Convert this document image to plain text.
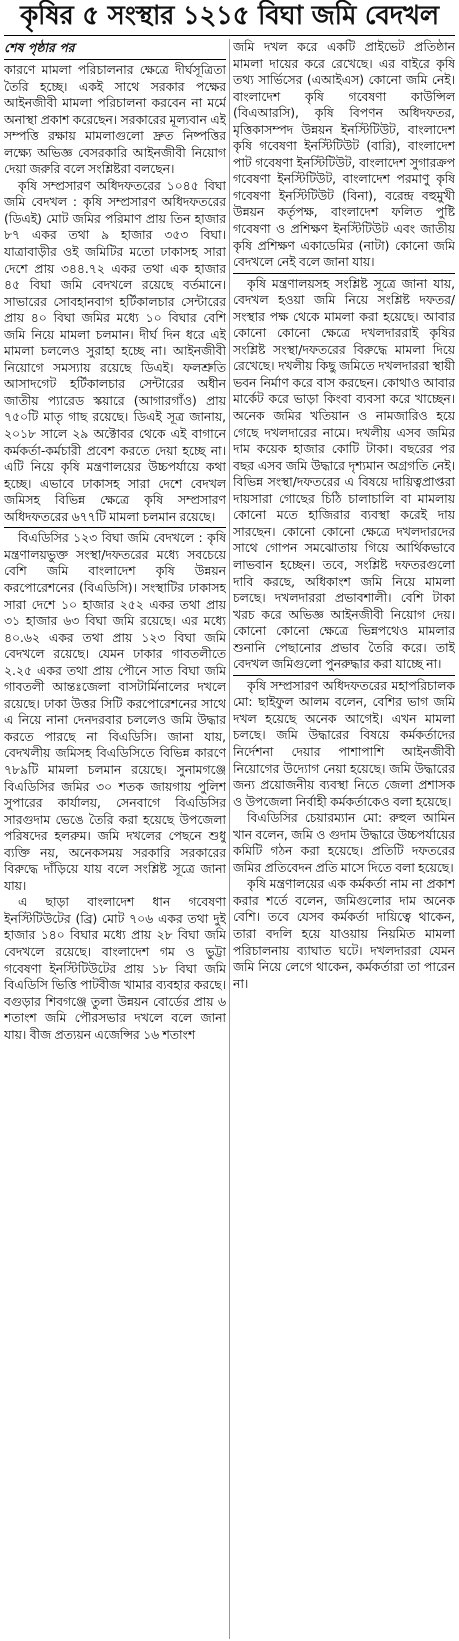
কৃষির ৫ সংস্থার ১২১৫ বিঘা জমি বেদখল
শেষ পৃষ্ঠার পর

কারণে মামলা পরিচালনার ক্ষেত্রে দীর্ঘসূত্রিতা তৈরি হচ্ছে। একই সাথে সরকার পক্ষের আইনজীবী মামলা পরিচালনা করবেন না মর্মে অনাস্থা প্রকাশ করেছেন। সরকারের মূল্যবান এই সম্পত্তি রক্ষায় মামলাগুলো দ্রুত নিষ্পত্তির লক্ষ্যে অভিজ্ঞ বেসরকারি আইনজীবী নিয়োগ দেয়া জরুরি বলে সংশ্লিষ্টরা বলছেন।

কৃষি সম্প্রসারণ অধিদফতরের ১০৪৫ বিঘা জমি বেদখল : কৃষি সম্প্রসারণ অধিদফতরের (ডিএই) মোট জমির পরিমাণ প্রায় তিন হাজার ৮৭ একর তথা ৯ হাজার ৩৫৩ বিঘা। যাত্রাবাড়ীর ওই জমিটির মতো ঢাকাসহ সারা দেশে প্রায় ৩৪৪.৭২ একর তথা এক হাজার ৪৫ বিঘা জমি বেদখলে রয়েছে বর্তমানে। সাভারের সোবহানবাগ হর্টিকালচার সেন্টারের প্রায় ৪০ বিঘা জমির মধ্যে ১০ বিঘার বেশি জমি নিয়ে মামলা চলমান। দীর্ঘ দিন ধরে এই মামলা চললেও সুরাহা হচ্ছে না। আইনজীবী নিয়োগে সমস্যায় রয়েছে ডিএই। ফলশ্রুতি আসাদগেট হর্টিকালচার সেন্টারের অধীন জাতীয় প্যারেড স্কয়ারে (আগারগাঁও) প্রায় ৭৫০টি মাতৃ গাছ রয়েছে। ডিএই সূত্র জানায়, ২০১৮ সালে ২৯ অক্টোবর থেকে এই বাগানে কর্মকর্তা-কর্মচারী প্রবেশ করতে দেয়া হচ্ছে না। এটি নিয়ে কৃষি মন্ত্রণালয়ের উচ্চপর্যায়ে কথা হচ্ছে। এভাবে ঢাকাসহ সারা দেশে বেদখল জমিসহ বিভিন্ন ক্ষেত্রে কৃষি সম্প্রসারণ অধিদফতরের ৬৭৭টি মামলা চলমান রয়েছে।

বিএডিসির ১২৩ বিঘা জমি বেদখলে : কৃষি মন্ত্রণালয়ভুক্ত সংস্থা/দফতরের মধ্যে সবচেয়ে বেশি জমি বাংলাদেশ কৃষি উন্নয়ন করপোরেশনের (বিএডিসি)। সংস্থাটির ঢাকাসহ সারা দেশে ১০ হাজার ২৫২ একর তথা প্রায় ৩১ হাজার ৬৩ বিঘা জমি রয়েছে। এর মধ্যে ৪০.৬২ একর তথা প্রায় ১২৩ বিঘা জমি বেদখলে রয়েছে। যেমন ঢাকার গাবতলীতে ২.২৫ একর তথা প্রায় পৌনে সাত বিঘা জমি গাবতলী আন্তঃজেলা বাসটার্মিনালের দখলে রয়েছে। ঢাকা উত্তর সিটি করপোরেশনের সাথে এ নিয়ে নানা দেনদরবার চললেও জমি উদ্ধার করতে পারছে না বিএডিসি। জানা যায়, বেদখলীয় জমিসহ বিএডিসিতে বিভিন্ন কারণে ৭৮৯টি মামলা চলমান রয়েছে। সুনামগঞ্জে বিএডিসির জমির ৩০ শতক জায়গায় পুলিশ সুপারের কার্যালয়, সেনবাগে বিএডিসির সারগুদাম ভেঙে তৈরি করা হয়েছে উপজেলা পরিষদের হলরুম। জমি দখলের পেছনে শুধু ব্যক্তি নয়, অনেকসময় সরকারি সরকারের বিরুদ্ধে দাঁড়িয়ে যায় বলে সংশ্লিষ্ট সূত্রে জানা যায়।

এ ছাড়া বাংলাদেশ ধান গবেষণা ইনস্টিটিউটের (ব্রি) মোট ৭০৬ একর তথা দুই হাজার ১৪০ বিঘার মধ্যে প্রায় ২৮ বিঘা জমি বেদখলে রয়েছে। বাংলাদেশ গম ও ভুট্টা গবেষণা ইনস্টিটিউটের প্রায় ১৮ বিঘা জমি বিএডিসি ভিত্তি পাটবীজ খামার ব্যবহার করছে। বগুড়ার শিবগঞ্জে তুলা উন্নয়ন বোর্ডের প্রায় ৬ শতাংশ জমি পৌরসভার দখলে বলে জানা যায়। বীজ প্রত্যয়ন এজেন্সির ১৬ শতাংশ

জমি দখল করে একটি প্রাইভেট প্রতিষ্ঠান মামলা দায়ের করে রেখেছে। এর বাইরে কৃষি তথ্য সার্ভিসের (এআইএস) কোনো জমি নেই। বাংলাদেশ কৃষি গবেষণা কাউন্সিল (বিএআরসি), কৃষি বিপণন অধিদফতর, মৃত্তিকাসম্পদ উন্নয়ন ইনস্টিটিউট, বাংলাদেশ কৃষি গবেষণা ইনস্টিটিউট (বারি), বাংলাদেশ পাট গবেষণা ইনস্টিটিউট, বাংলাদেশ সুগারক্রপ গবেষণা ইনস্টিটিউট, বাংলাদেশ পরমাণু কৃষি গবেষণা ইনস্টিটিউট (বিনা), বরেন্দ্র বহুমুখী উন্নয়ন কর্তৃপক্ষ, বাংলাদেশ ফলিত পুষ্টি গবেষণা ও প্রশিক্ষণ ইনস্টিটিউট এবং জাতীয় কৃষি প্রশিক্ষণ একাডেমির (নাটা) কোনো জমি বেদখলে নেই বলে জানা যায়।

কৃষি মন্ত্রণালয়সহ সংশ্লিষ্ট সূত্রে জানা যায়, বেদখল হওয়া জমি নিয়ে সংশ্লিষ্ট দফতর/সংস্থার পক্ষ থেকে মামলা করা হয়েছে। আবার কোনো কোনো ক্ষেত্রে দখলদাররাই কৃষির সংশ্লিষ্ট সংস্থা/দফতরের বিরুদ্ধে মামলা দিয়ে রেখেছে। দখলীয় কিছু জমিতে দখলদাররা স্থায়ী ভবন নির্মাণ করে বাস করছেন। কোথাও আবার মার্কেট করে ভাড়া কিংবা ব্যবসা করে খাচ্ছেন। অনেক জমির খতিয়ান ও নামজারিও হয়ে গেছে দখলদারের নামে। দখলীয় এসব জমির দাম কয়েক হাজার কোটি টাকা। বছরের পর বছর এসব জমি উদ্ধারে দৃশ্যমান অগ্রগতি নেই। বিভিন্ন সংস্থা/দফতরের এ বিষয়ে দায়িত্বপ্রাপ্তরা দায়সারা গোছের চিঠি চালাচালি বা মামলায় কোনো মতে হাজিরার ব্যবস্থা করেই দায় সারছেন। কোনো কোনো ক্ষেত্রে দখলদারদের সাথে গোপন সমঝোতায় গিয়ে আর্থিকভাবে লাভবান হচ্ছেন। তবে, সংশ্লিষ্ট দফতরগুলো দাবি করছে, অধিকাংশ জমি নিয়ে মামলা চলছে। দখলদাররা প্রভাবশালী। বেশি টাকা খরচ করে অভিজ্ঞ আইনজীবী নিয়োগ দেয়। কোনো কোনো ক্ষেত্রে ভিন্নপথেও মামলার শুনানি পেছানোর প্রভাব তৈরি করে। তাই বেদখল জমিগুলো পুনরুদ্ধার করা যাচ্ছে না।

কৃষি সম্প্রসারণ অধিদফতরের মহাপরিচালক মো: ছাইফুল আলম বলেন, বেশির ভাগ জমি দখল হয়েছে অনেক আগেই। এখন মামলা চলছে। জমি উদ্ধারের বিষয়ে কর্মকর্তাদের নির্দেশনা দেয়ার পাশাপাশি আইনজীবী নিয়োগের উদ্যোগ নেয়া হয়েছে। জমি উদ্ধারের জন্য প্রয়োজনীয় ব্যবস্থা নিতে জেলা প্রশাসক ও উপজেলা নির্বাহী কর্মকর্তাকেও বলা হয়েছে।

বিএডিসির চেয়ারম্যান মো: রুহুল আমিন খান বলেন, জমি ও গুদাম উদ্ধারে উচ্চপর্যায়ের কমিটি গঠন করা হয়েছে। প্রতিটি দফতরের জমির প্রতিবেদন প্রতি মাসে দিতে বলা হয়েছে।

কৃষি মন্ত্রণালয়ের এক কর্মকর্তা নাম না প্রকাশ করার শর্তে বলেন, জমিগুলোর দাম অনেক বেশি। তবে যেসব কর্মকর্তা দায়িত্বে থাকেন, তারা বদলি হয়ে যাওয়ায় নিয়মিত মামলা পরিচালনায় ব্যাঘাত ঘটে। দখলদাররা যেমন জমি নিয়ে লেগে থাকেন, কর্মকর্তারা তা পারেন না।
